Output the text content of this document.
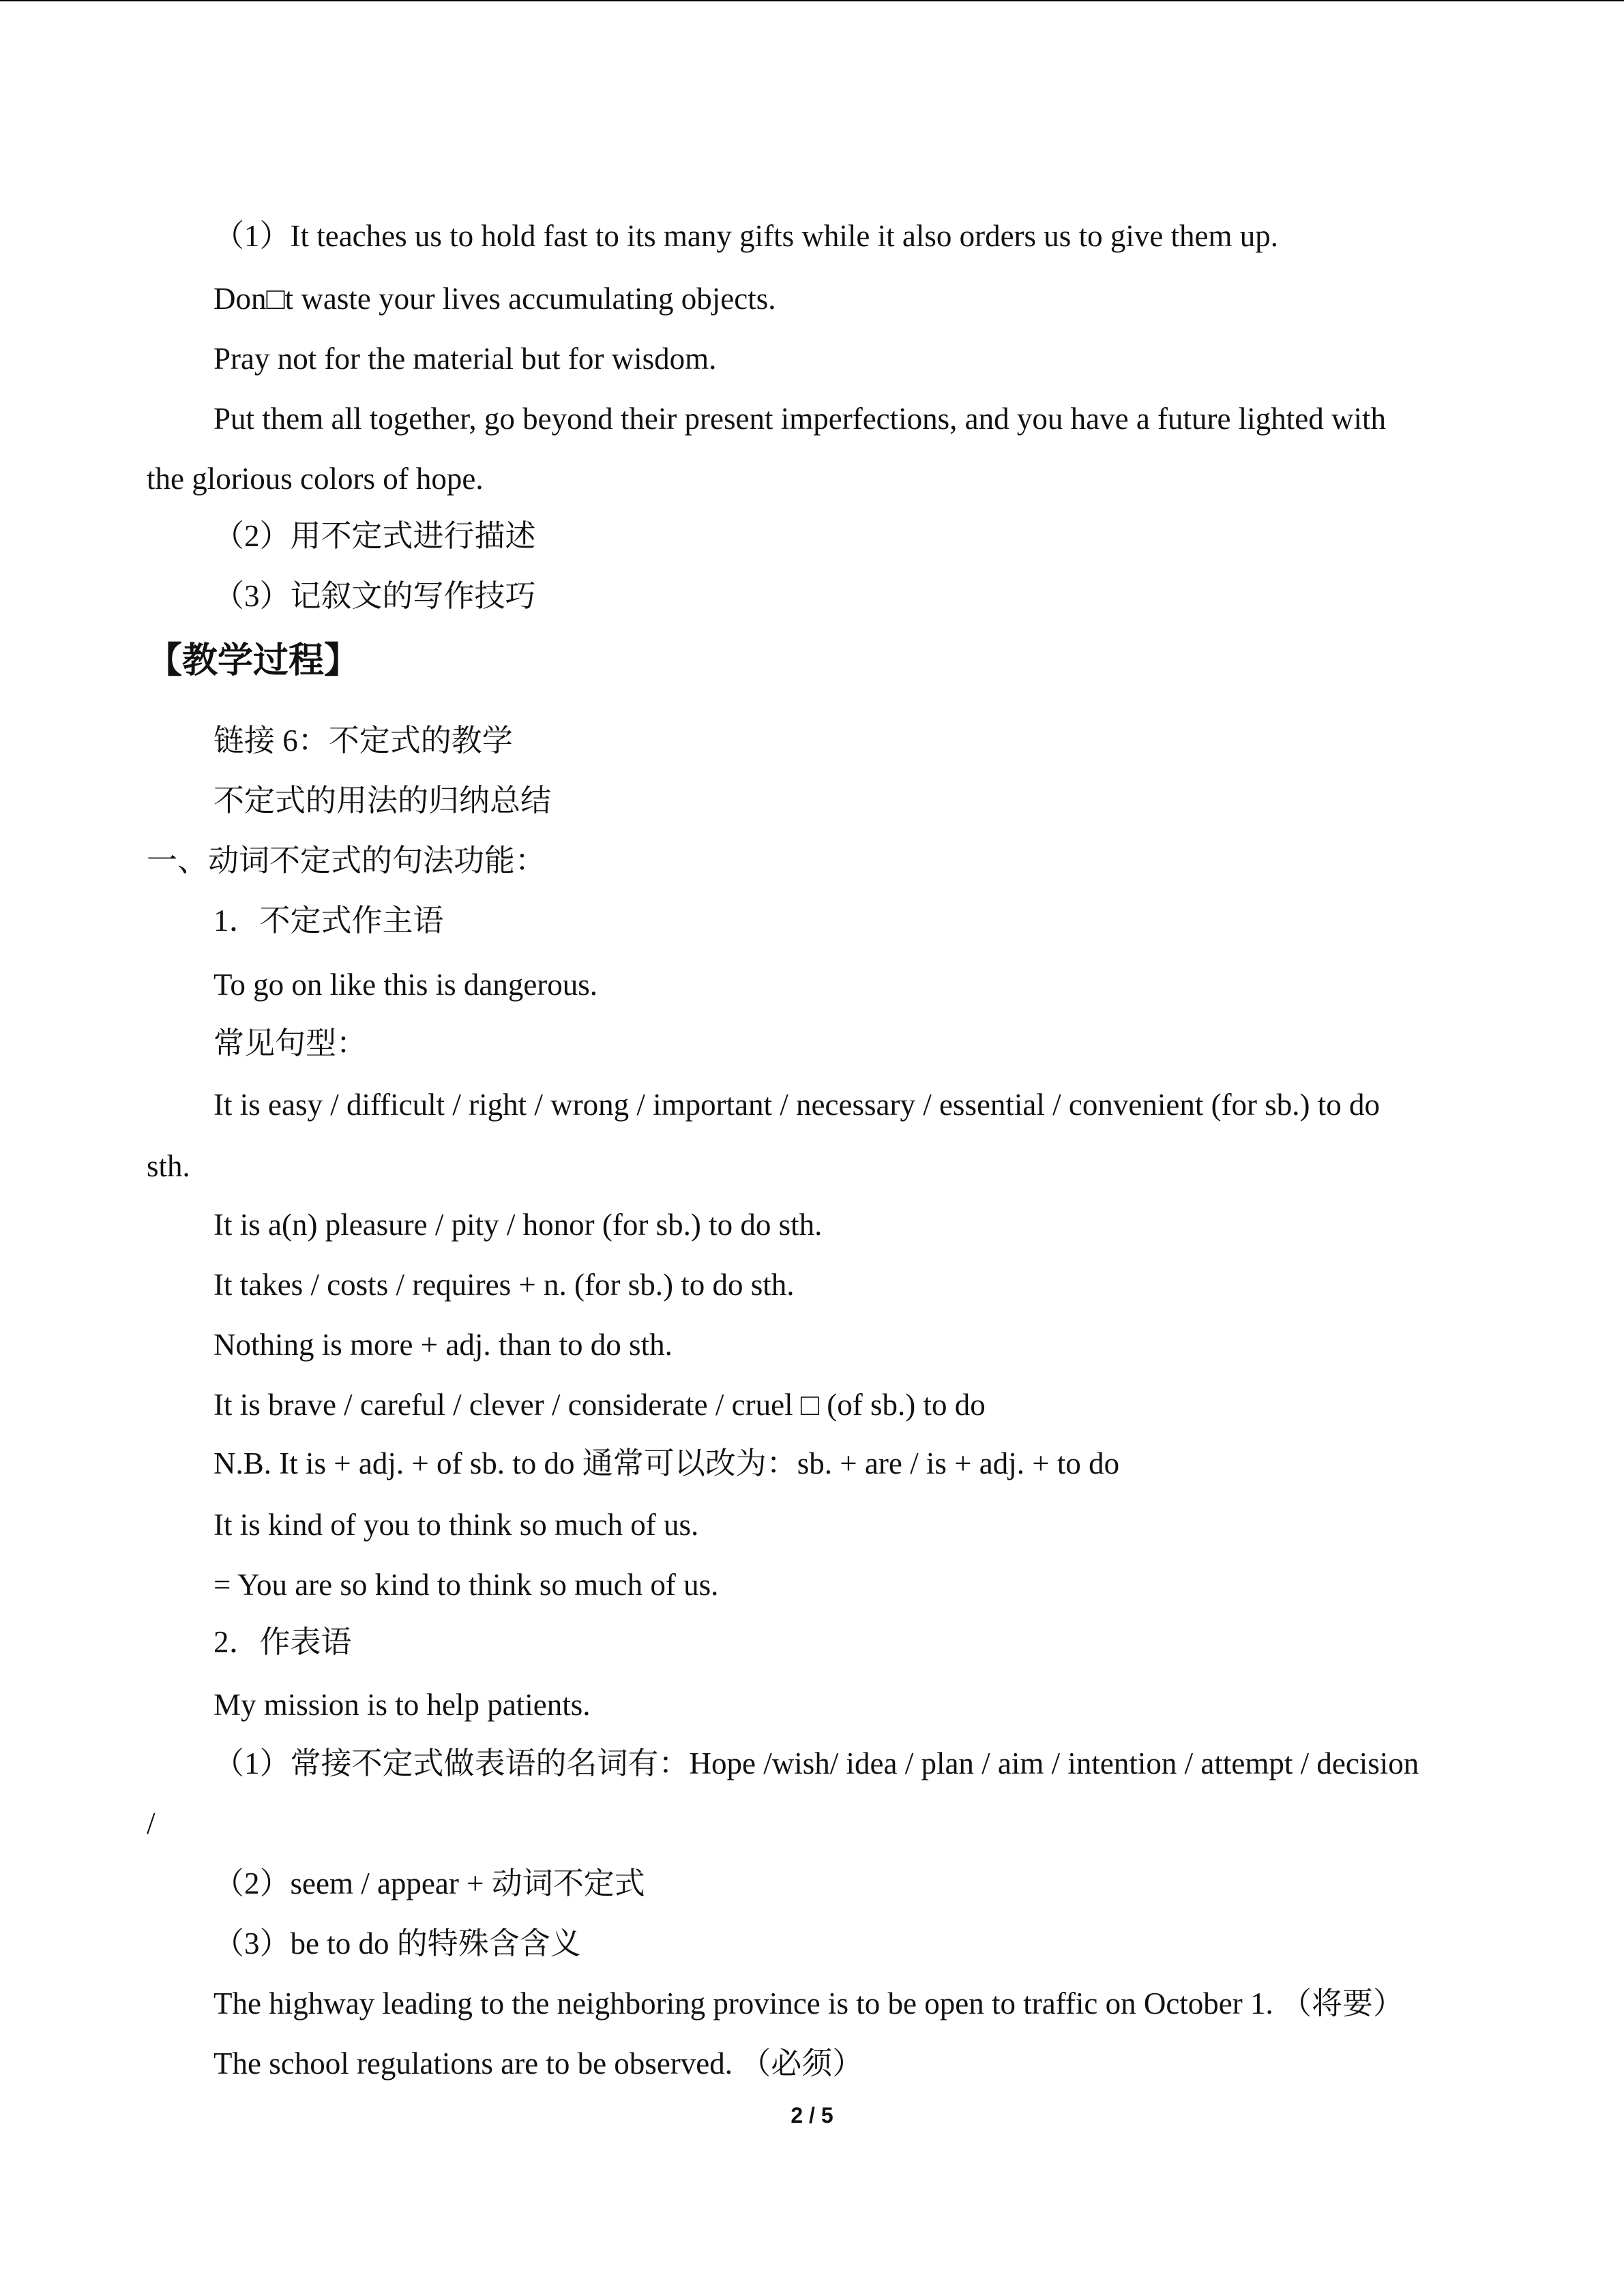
（1）It teaches us to hold fast to its many gifts while it also orders us to give them up.
Don□t waste your lives accumulating objects.
Pray not for the material but for wisdom.
Put them all together, go beyond their present imperfections, and you have a future lighted with
the glorious colors of hope.
（2）用不定式进行描述
（3）记叙文的写作技巧
【教学过程】
链接 6：不定式的教学
不定式的用法的归纳总结
一、动词不定式的句法功能：
1．不定式作主语
To go on like this is dangerous.
常见句型：
It is easy / difficult / right / wrong / important / necessary / essential / convenient (for sb.) to do
sth.
It is a(n) pleasure / pity / honor (for sb.) to do sth.
It takes / costs / requires + n. (for sb.) to do sth.
Nothing is more + adj. than to do sth.
It is brave / careful / clever / considerate / cruel □ (of sb.) to do
N.B. It is + adj. + of sb. to do 通常可以改为：sb. + are / is + adj. + to do
It is kind of you to think so much of us.
= You are so kind to think so much of us.
2．作表语
My mission is to help patients.
（1）常接不定式做表语的名词有：Hope /wish/ idea / plan / aim / intention / attempt / decision
/
（2）seem / appear + 动词不定式
（3）be to do 的特殊含含义
The highway leading to the neighboring province is to be open to traffic on October 1. （将要）
The school regulations are to be observed. （必须）
2 / 5
